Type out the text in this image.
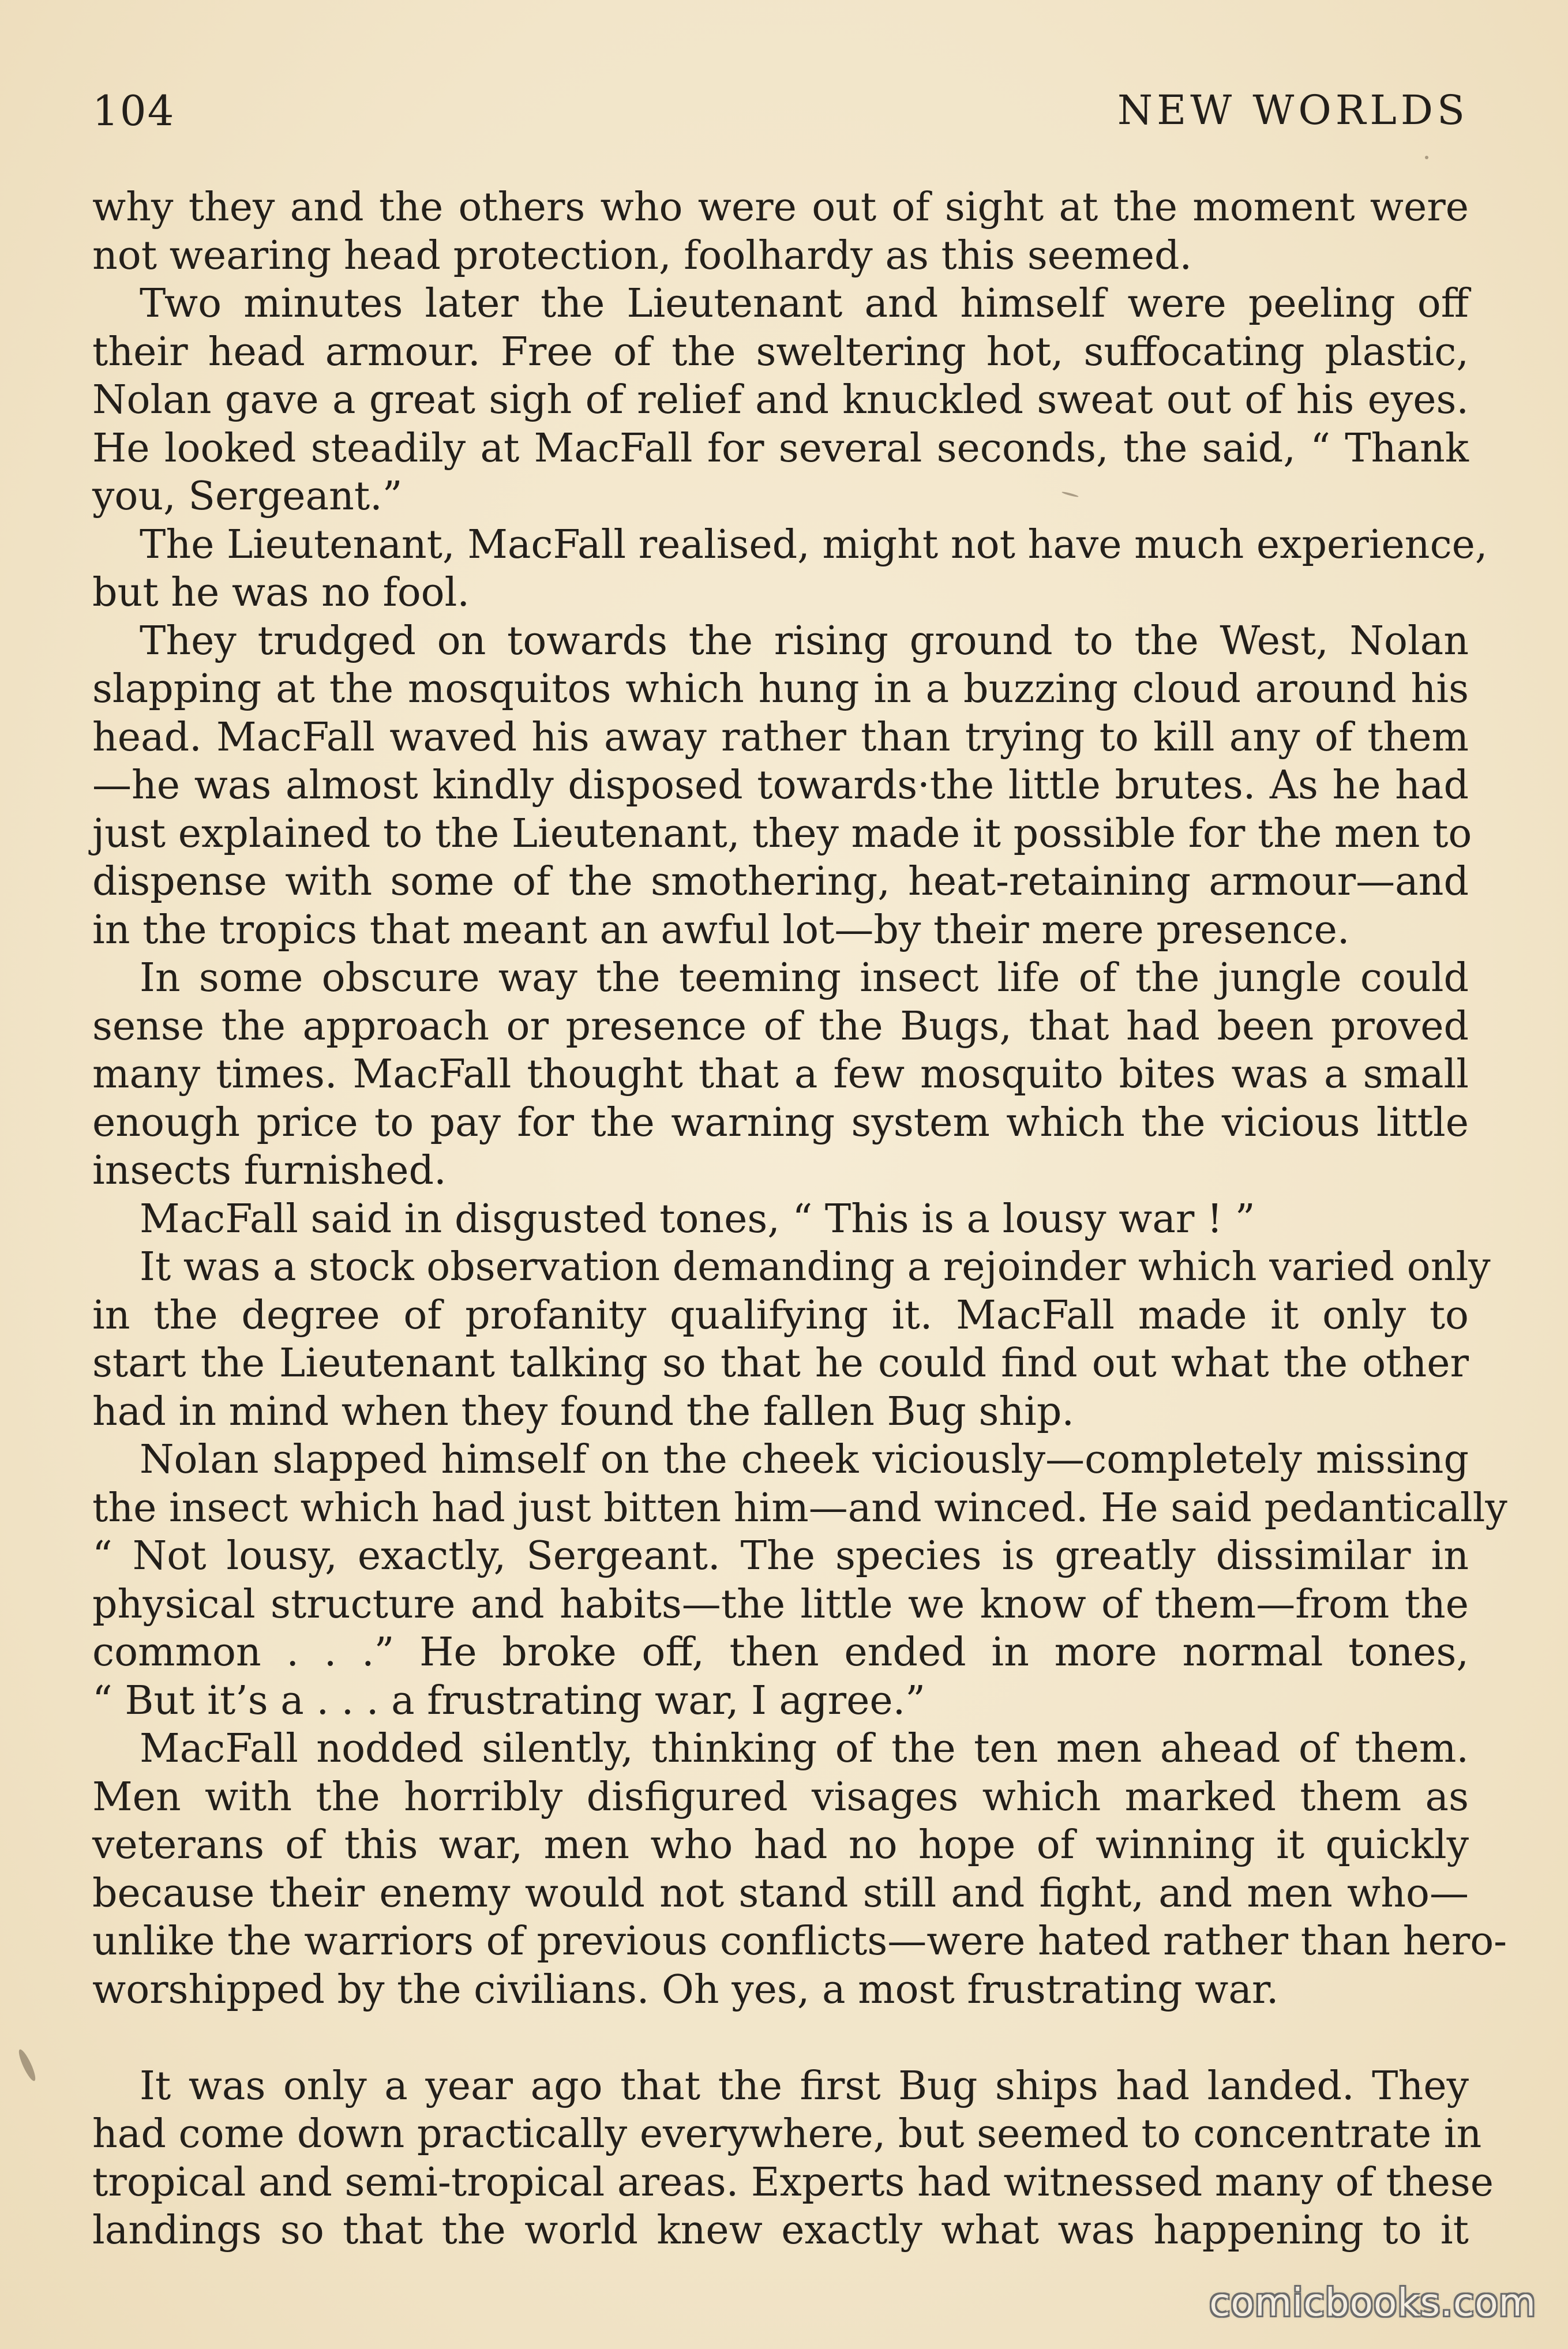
104	NEW WORLDS
why they and the others who were out of sight at the moment were
not wearing head protection, foolhardy as this seemed.
Two minutes later the Lieutenant and himself were peeling off
their head armour. Free of the sweltering hot, suffocating plastic,
Nolan gave a great sigh of relief and knuckled sweat out of his eyes.
He looked steadily at MacFall for several seconds, the said, “ Thank
you, Sergeant.”
The Lieutenant, MacFall realised, might not have much experience,
but he was no fool.
They trudged on towards the rising ground to the West, Nolan
slapping at the mosquitos which hung in a buzzing cloud around his
head. MacFall waved his away rather than trying to kill any of them
—he was almost kindly disposed towards·the little brutes. As he had
just explained to the Lieutenant, they made it possible for the men to
dispense with some of the smothering, heat-retaining armour—and
in the tropics that meant an awful lot—by their mere presence.
In some obscure way the teeming insect life of the jungle could
sense the approach or presence of the Bugs, that had been proved
many times. MacFall thought that a few mosquito bites was a small
enough price to pay for the warning system which the vicious little
insects furnished.
MacFall said in disgusted tones, “ This is a lousy war ! ”
It was a stock observation demanding a rejoinder which varied only
in the degree of profanity qualifying it. MacFall made it only to
start the Lieutenant talking so that he could find out what the other
had in mind when they found the fallen Bug ship.
Nolan slapped himself on the cheek viciously—completely missing
the insect which had just bitten him—and winced. He said pedantically
“ Not lousy, exactly, Sergeant. The species is greatly dissimilar in
physical structure and habits—the little we know of them—from the
common . . .” He broke off, then ended in more normal tones,
“ But it’s a . . . a frustrating war, I agree.”
MacFall nodded silently, thinking of the ten men ahead of them.
Men with the horribly disfigured visages which marked them as
veterans of this war, men who had no hope of winning it quickly
because their enemy would not stand still and fight, and men who—
unlike the warriors of previous conflicts—were hated rather than hero-
worshipped by the civilians. Oh yes, a most frustrating war.
It was only a year ago that the first Bug ships had landed. They
had come down practically everywhere, but seemed to concentrate in
tropical and semi-tropical areas. Experts had witnessed many of these
landings so that the world knew exactly what was happening to it
comicbooks.com
